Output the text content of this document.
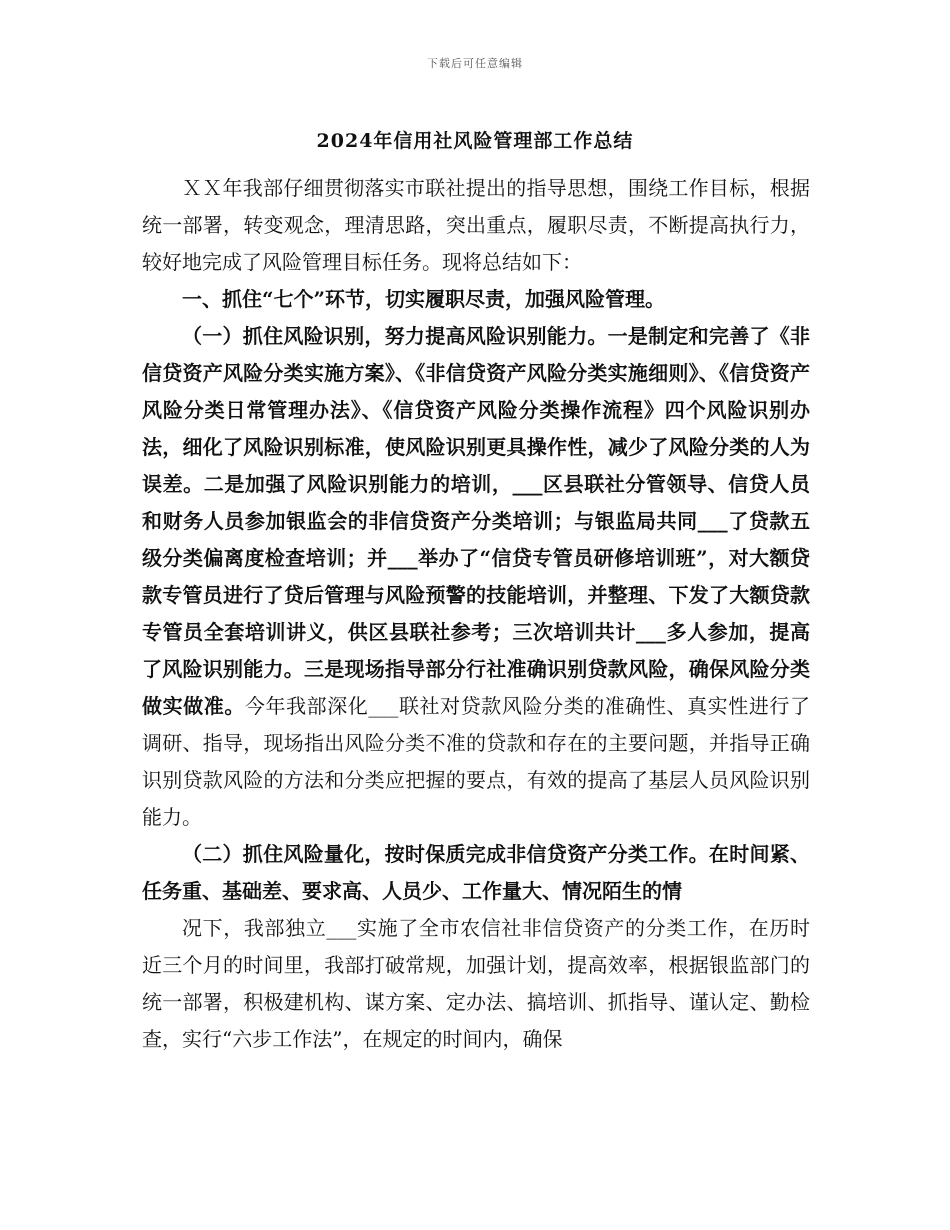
下载后可任意编辑
2024年信用社风险管理部工作总结

ＸＸ年我部仔细贯彻落实市联社提出的指导思想，围绕工作目标，根据统一部署，转变观念，理清思路，突出重点，履职尽责，不断提高执行力，较好地完成了风险管理目标任务。现将总结如下：

一、抓住“七个”环节，切实履职尽责，加强风险管理。

（一）抓住风险识别，努力提高风险识别能力。一是制定和完善了《非信贷资产风险分类实施方案》、《非信贷资产风险分类实施细则》、《信贷资产风险分类日常管理办法》、《信贷资产风险分类操作流程》四个风险识别办法，细化了风险识别标准，使风险识别更具操作性，减少了风险分类的人为误差。二是加强了风险识别能力的培训，___区县联社分管领导、信贷人员和财务人员参加银监会的非信贷资产分类培训；与银监局共同___了贷款五级分类偏离度检查培训；并___举办了“信贷专管员研修培训班”，对大额贷款专管员进行了贷后管理与风险预警的技能培训，并整理、下发了大额贷款专管员全套培训讲义，供区县联社参考；三次培训共计___多人参加，提高了风险识别能力。三是现场指导部分行社准确识别贷款风险，确保风险分类做实做准。今年我部深化___联社对贷款风险分类的准确性、真实性进行了调研、指导，现场指出风险分类不准的贷款和存在的主要问题，并指导正确识别贷款风险的方法和分类应把握的要点，有效的提高了基层人员风险识别能力。

（二）抓住风险量化，按时保质完成非信贷资产分类工作。在时间紧、任务重、基础差、要求高、人员少、工作量大、情况陌生的情

况下，我部独立___实施了全市农信社非信贷资产的分类工作，在历时近三个月的时间里，我部打破常规，加强计划，提高效率，根据银监部门的统一部署，积极建机构、谋方案、定办法、搞培训、抓指导、谨认定、勤检查，实行“六步工作法”，在规定的时间内，确保
